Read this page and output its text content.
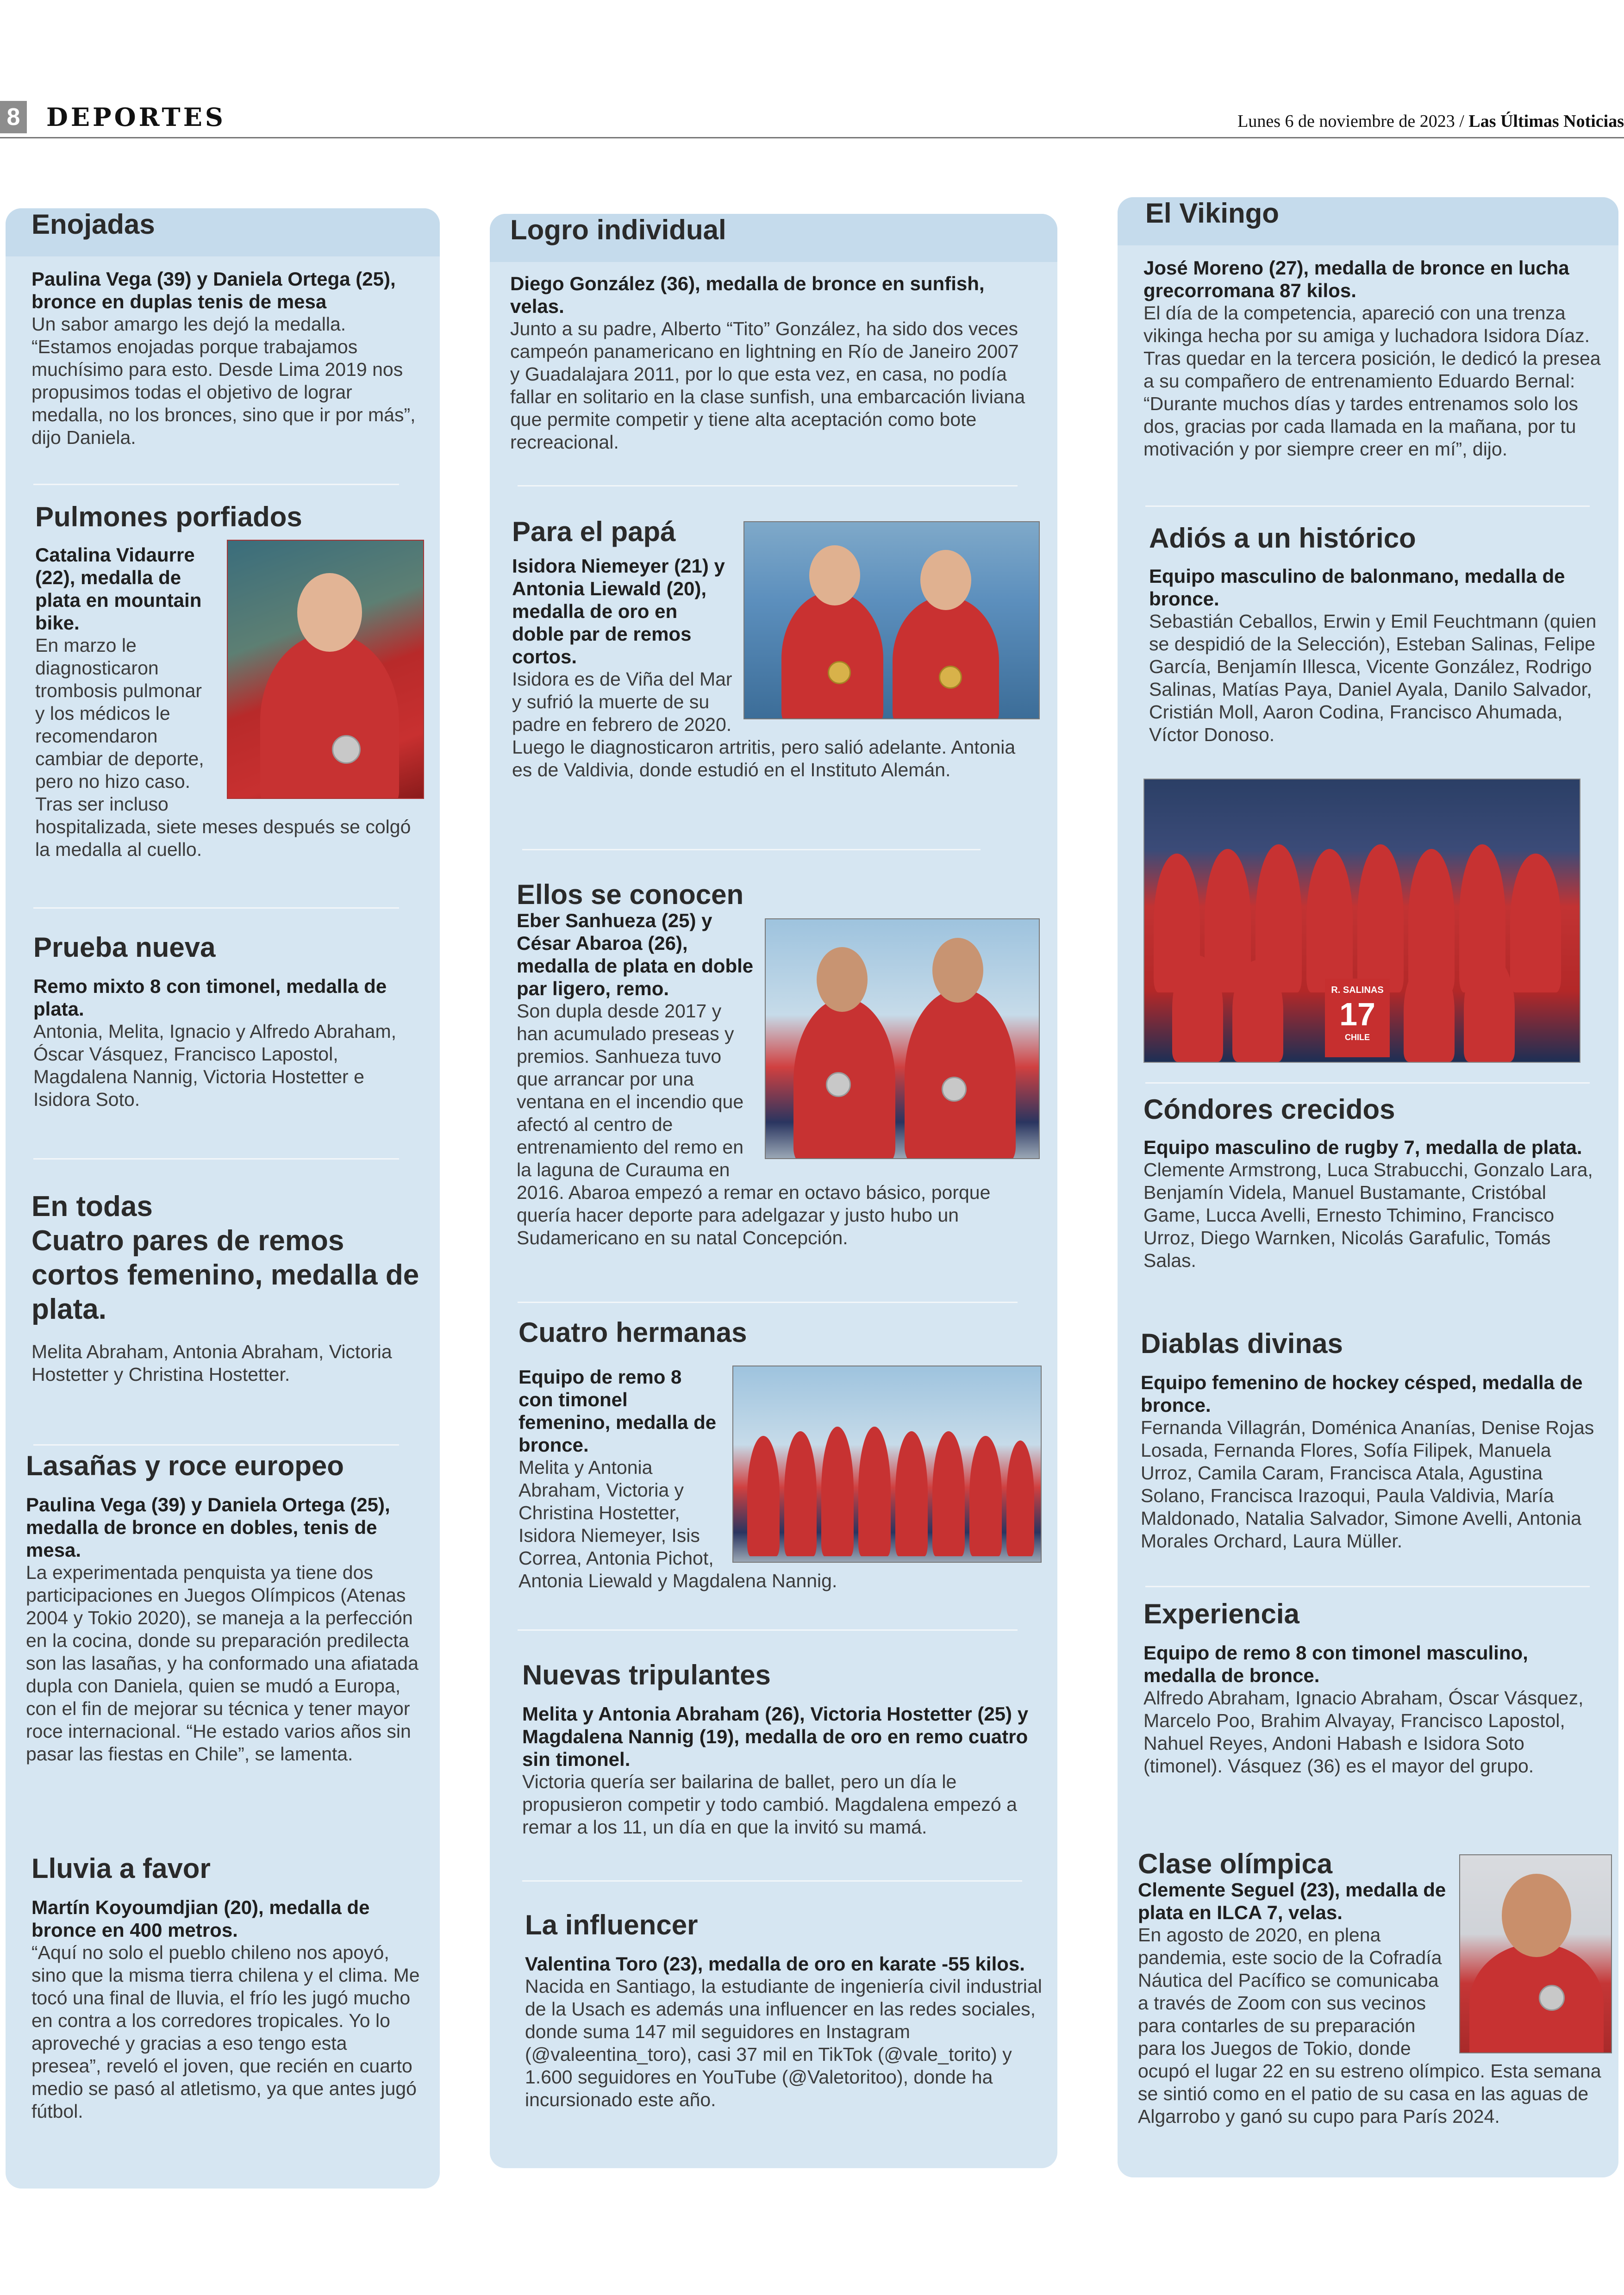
8 DEPORTES	Lunes 6 de noviembre de 2023 / Las Últimas Noticias
Enojadas

Paulina Vega (39) y Daniela Ortega (25), bronce en duplas tenis de mesa

Un sabor amargo les dejó la medalla. “Estamos enojadas porque trabajamos muchísimo para esto. Desde Lima 2019 nos propusimos todas el objetivo de lograr medalla, no los bronces, sino que ir por más”, dijo Daniela.

Pulmones porfiados

Catalina Vidaurre (22), medalla de plata en mountain bike.

En marzo le diagnosticaron trombosis pulmonar y los médicos le recomendaron cambiar de deporte, pero no hizo caso. Tras ser incluso hospitalizada, siete meses después se colgó la medalla al cuello.

Prueba nueva

Remo mixto 8 con timonel, medalla de plata.

Antonia, Melita, Ignacio y Alfredo Abraham, Óscar Vásquez, Francisco Lapostol, Magdalena Nannig, Victoria Hostetter e Isidora Soto.

En todas
Cuatro pares de remos cortos femenino, medalla de plata.

Melita Abraham, Antonia Abraham, Victoria Hostetter y Christina Hostetter.

Lasañas y roce europeo

Paulina Vega (39) y Daniela Ortega (25), medalla de bronce en dobles, tenis de mesa.

La experimentada penquista ya tiene dos participaciones en Juegos Olímpicos (Atenas 2004 y Tokio 2020), se maneja a la perfección en la cocina, donde su preparación predilecta son las lasañas, y ha conformado una afiatada dupla con Daniela, quien se mudó a Europa, con el fin de mejorar su técnica y tener mayor roce internacional. “He estado varios años sin pasar las fiestas en Chile”, se lamenta.

Lluvia a favor

Martín Koyoumdjian (20), medalla de bronce en 400 metros.

“Aquí no solo el pueblo chileno nos apoyó, sino que la misma tierra chilena y el clima. Me tocó una final de lluvia, el frío les jugó mucho en contra a los corredores tropicales. Yo lo aproveché y gracias a eso tengo esta presea”, reveló el joven, que recién en cuarto medio se pasó al atletismo, ya que antes jugó fútbol.

Logro individual

Diego González (36), medalla de bronce en sunfish, velas.

Junto a su padre, Alberto “Tito” González, ha sido dos veces campeón panamericano en lightning en Río de Janeiro 2007 y Guadalajara 2011, por lo que esta vez, en casa, no podía fallar en solitario en la clase sunfish, una embarcación liviana que permite competir y tiene alta aceptación como bote recreacional.

Para el papá

Isidora Niemeyer (21) y Antonia Liewald (20), medalla de oro en doble par de remos cortos.

Isidora es de Viña del Mar y sufrió la muerte de su padre en febrero de 2020. Luego le diagnosticaron artritis, pero salió adelante. Antonia es de Valdivia, donde estudió en el Instituto Alemán.

Ellos se conocen

Eber Sanhueza (25) y César Abaroa (26), medalla de plata en doble par ligero, remo.

Son dupla desde 2017 y han acumulado preseas y premios. Sanhueza tuvo que arrancar por una ventana en el incendio que afectó al centro de entrenamiento del remo en la laguna de Curauma en 2016. Abaroa empezó a remar en octavo básico, porque quería hacer deporte para adelgazar y justo hubo un Sudamericano en su natal Concepción.

Cuatro hermanas

Equipo de remo 8 con timonel femenino, medalla de bronce.

Melita y Antonia Abraham, Victoria y Christina Hostetter, Isidora Niemeyer, Isis Correa, Antonia Pichot, Antonia Liewald y Magdalena Nannig.

Nuevas tripulantes

Melita y Antonia Abraham (26), Victoria Hostetter (25) y Magdalena Nannig (19), medalla de oro en remo cuatro sin timonel.

Victoria quería ser bailarina de ballet, pero un día le propusieron competir y todo cambió. Magdalena empezó a remar a los 11, un día en que la invitó su mamá.

La influencer

Valentina Toro (23), medalla de oro en karate -55 kilos.

Nacida en Santiago, la estudiante de ingeniería civil industrial de la Usach es además una influencer en las redes sociales, donde suma 147 mil seguidores en Instagram (@valeentina_toro), casi 37 mil en TikTok (@vale_torito) y 1.600 seguidores en YouTube (@Valetoritoo), donde ha incursionado este año.

El Vikingo

José Moreno (27), medalla de bronce en lucha grecorromana 87 kilos.

El día de la competencia, apareció con una trenza vikinga hecha por su amiga y luchadora Isidora Díaz. Tras quedar en la tercera posición, le dedicó la presea a su compañero de entrenamiento Eduardo Bernal: “Durante muchos días y tardes entrenamos solo los dos, gracias por cada llamada en la mañana, por tu motivación y por siempre creer en mí”, dijo.

Adiós a un histórico

Equipo masculino de balonmano, medalla de bronce.

Sebastián Ceballos, Erwin y Emil Feuchtmann (quien se despidió de la Selección), Esteban Salinas, Felipe García, Benjamín Illesca, Vicente González, Rodrigo Salinas, Matías Paya, Daniel Ayala, Danilo Salvador, Cristián Moll, Aaron Codina, Francisco Ahumada, Víctor Donoso.

R. SALINAS
17
CHILE
Cóndores crecidos

Equipo masculino de rugby 7, medalla de plata.

Clemente Armstrong, Luca Strabucchi, Gonzalo Lara, Benjamín Videla, Manuel Bustamante, Cristóbal Game, Lucca Avelli, Ernesto Tchimino, Francisco Urroz, Diego Warnken, Nicolás Garafulic, Tomás Salas.

Diablas divinas

Equipo femenino de hockey césped, medalla de bronce.

Fernanda Villagrán, Doménica Ananías, Denise Rojas Losada, Fernanda Flores, Sofía Filipek, Manuela Urroz, Camila Caram, Francisca Atala, Agustina Solano, Francisca Irazoqui, Paula Valdivia, María Maldonado, Natalia Salvador, Simone Avelli, Antonia Morales Orchard, Laura Müller.

Experiencia

Equipo de remo 8 con timonel masculino, medalla de bronce.

Alfredo Abraham, Ignacio Abraham, Óscar Vásquez, Marcelo Poo, Brahim Alvayay, Francisco Lapostol, Nahuel Reyes, Andoni Habash e Isidora Soto (timonel). Vásquez (36) es el mayor del grupo.

Clase olímpica

Clemente Seguel (23), medalla de plata en ILCA 7, velas.

En agosto de 2020, en plena pandemia, este socio de la Cofradía Náutica del Pacífico se comunicaba a través de Zoom con sus vecinos para contarles de su preparación para los Juegos de Tokio, donde ocupó el lugar 22 en su estreno olímpico. Esta semana se sintió como en el patio de su casa en las aguas de Algarrobo y ganó su cupo para París 2024.
